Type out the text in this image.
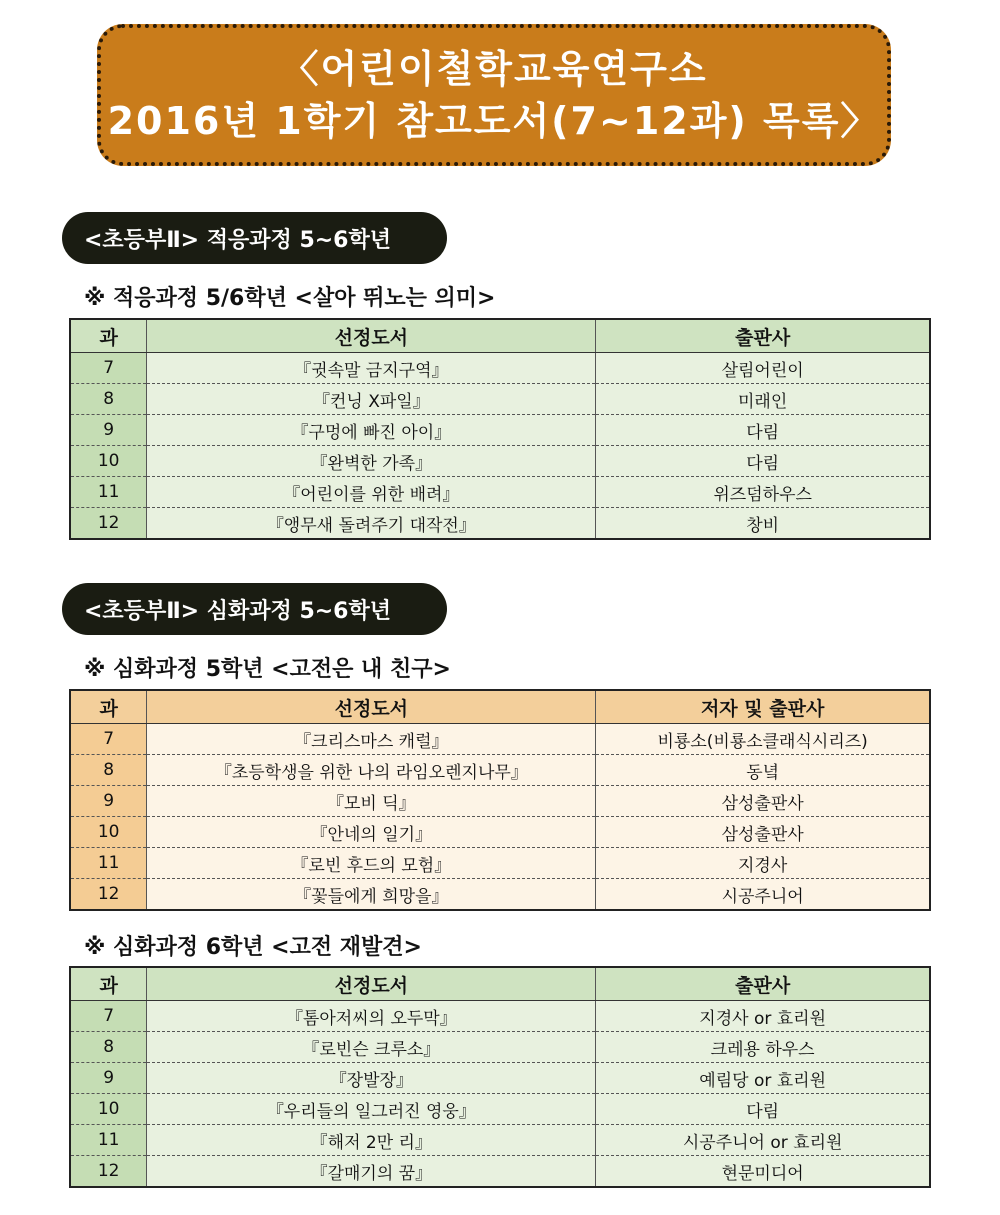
〈어린이철학교육연구소
2016년 1학기 참고도서(7~12과) 목록〉
<초등부Ⅱ> 적응과정 5~6학년
※ 적응과정 5/6학년 <살아 뛰노는 의미>
과	선정도서	출판사
7	『귓속말 금지구역』	살림어린이
8	『컨닝 X파일』	미래인
9	『구멍에 빠진 아이』	다림
10	『완벽한 가족』	다림
11	『어린이를 위한 배려』	위즈덤하우스
12	『앵무새 돌려주기 대작전』	창비
<초등부Ⅱ> 심화과정 5~6학년
※ 심화과정 5학년 <고전은 내 친구>
과	선정도서	저자 및 출판사
7	『크리스마스 캐럴』	비룡소(비룡소클래식시리즈)
8	『초등학생을 위한 나의 라임오렌지나무』	동녘
9	『모비 딕』	삼성출판사
10	『안네의 일기』	삼성출판사
11	『로빈 후드의 모험』	지경사
12	『꽃들에게 희망을』	시공주니어
※ 심화과정 6학년 <고전 재발견>
과	선정도서	출판사
7	『톰아저씨의 오두막』	지경사 or 효리원
8	『로빈슨 크루소』	크레용 하우스
9	『장발장』	예림당 or 효리원
10	『우리들의 일그러진 영웅』	다림
11	『해저 2만 리』	시공주니어 or 효리원
12	『갈매기의 꿈』	현문미디어
